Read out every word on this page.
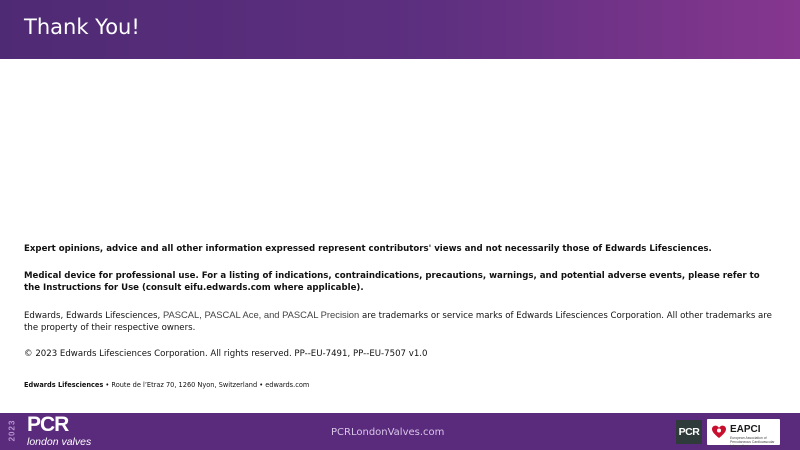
Thank You!

Expert opinions, advice and all other information expressed represent contributors' views and not necessarily those of Edwards Lifesciences.

Medical device for professional use. For a listing of indications, contraindications, precautions, warnings, and potential adverse events, please refer to the Instructions for Use (consult eifu.edwards.com where applicable).

Edwards, Edwards Lifesciences, PASCAL, PASCAL Ace, and PASCAL Precision are trademarks or service marks of Edwards Lifesciences Corporation. All other trademarks are the property of their respective owners.

© 2023 Edwards Lifesciences Corporation. All rights reserved. PP--EU-7491, PP--EU-7507 v1.0

Edwards Lifesciences • Route de l’Etraz 70, 1260 Nyon, Switzerland • edwards.com

2023 PCR
london valves
PCRLondonValves.com	PCR	EAPCI
European Association of Percutaneous Cardiovascular Interventions
